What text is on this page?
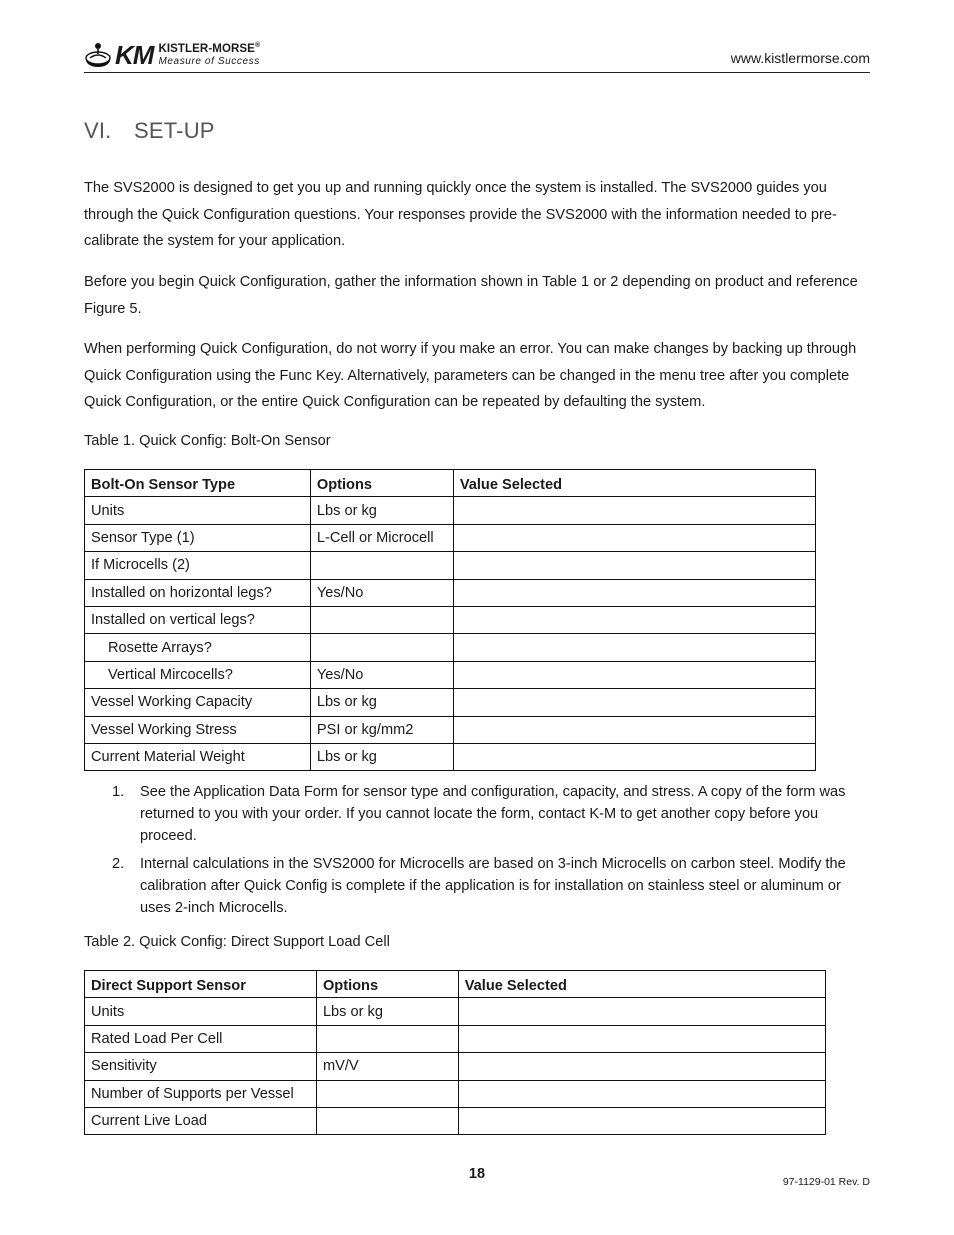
KM KISTLER-MORSE®
Measure of Success	www.kistlermorse.com
VI.	SET-UP

The SVS2000 is designed to get you up and running quickly once the system is installed. The SVS2000 guides you through the Quick Configuration questions. Your responses provide the SVS2000 with the information needed to pre-calibrate the system for your application.

Before you begin Quick Configuration, gather the information shown in Table 1 or 2 depending on product and reference Figure 5.

When performing Quick Configuration, do not worry if you make an error. You can make changes by backing up through Quick Configuration using the Func Key. Alternatively, parameters can be changed in the menu tree after you complete Quick Configuration, or the entire Quick Configuration can be repeated by defaulting the system.

Table 1. Quick Config: Bolt-On Sensor
Bolt-On Sensor Type	Options	Value Selected
Units	Lbs or kg	
Sensor Type (1)	L-Cell or Microcell	
If Microcells (2)		
Installed on horizontal legs?	Yes/No	
Installed on vertical legs?		
Rosette Arrays?		
Vertical Mircocells?	Yes/No	
Vessel Working Capacity	Lbs or kg	
Vessel Working Stress	PSI or kg/mm2	
Current Material Weight	Lbs or kg	
1.	See the Application Data Form for sensor type and configuration, capacity, and stress. A copy of the form was returned to you with your order. If you cannot locate the form, contact K-M to get another copy before you proceed.
2.	Internal calculations in the SVS2000 for Microcells are based on 3-inch Microcells on carbon steel. Modify the calibration after Quick Config is complete if the application is for installation on stainless steel or aluminum or uses 2-inch Microcells.
Table 2. Quick Config: Direct Support Load Cell
Direct Support Sensor	Options	Value Selected
Units	Lbs or kg	
Rated Load Per Cell		
Sensitivity	mV/V	
Number of Supports per Vessel		
Current Live Load		
18	97-1129-01 Rev. D
